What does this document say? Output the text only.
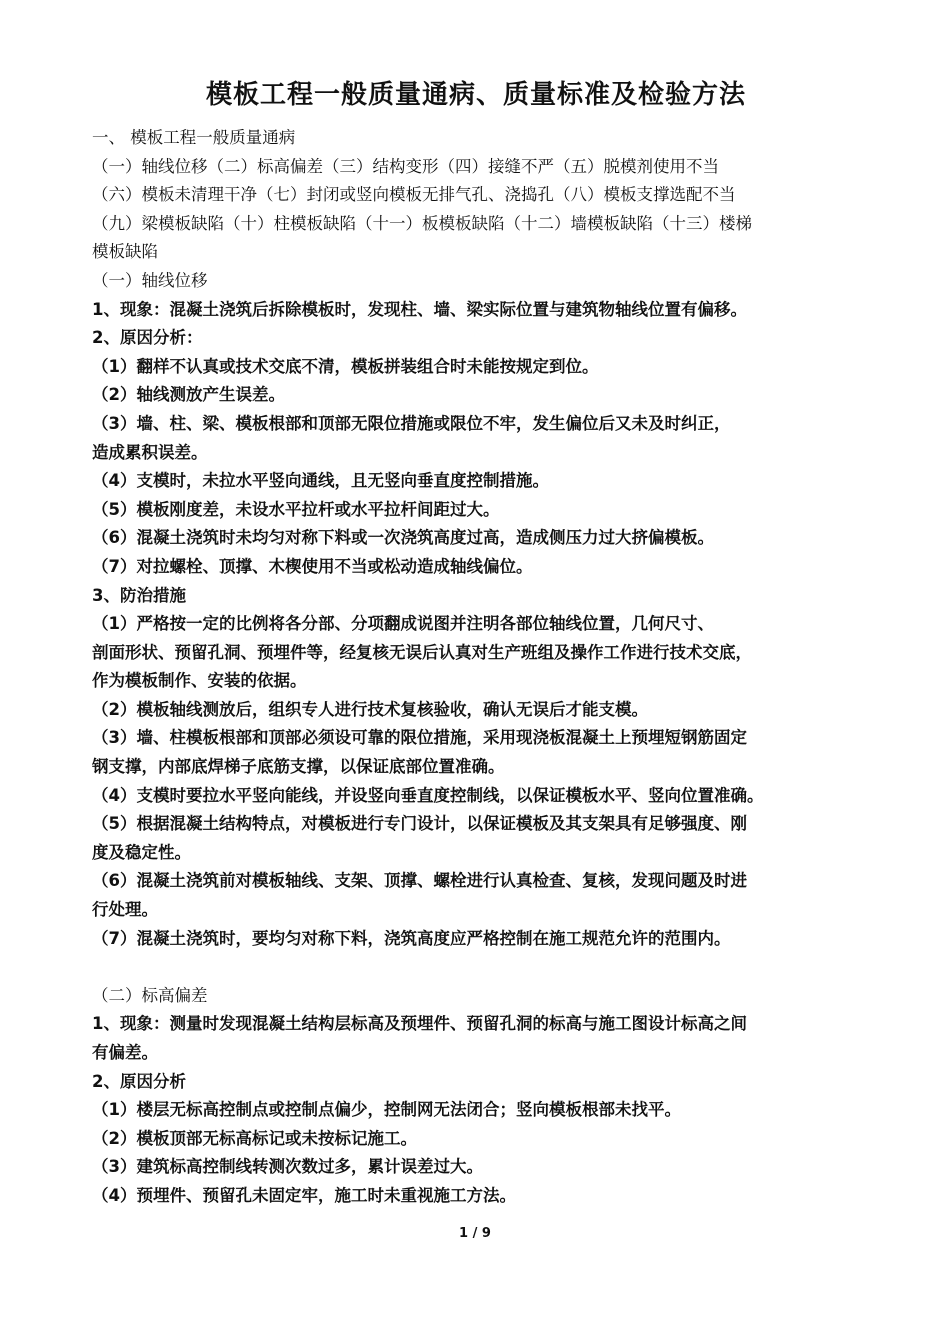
模板工程一般质量通病、质量标准及检验方法
一、 模板工程一般质量通病
（一）轴线位移（二）标高偏差（三）结构变形（四）接缝不严（五）脱模剂使用不当
（六）模板未清理干净（七）封闭或竖向模板无排气孔、浇捣孔（八）模板支撑选配不当
（九）梁模板缺陷（十）柱模板缺陷（十一）板模板缺陷（十二）墙模板缺陷（十三）楼梯
模板缺陷
（一）轴线位移
1、现象：混凝土浇筑后拆除模板时，发现柱、墙、梁实际位置与建筑物轴线位置有偏移。
2、原因分析：
（1）翻样不认真或技术交底不清，模板拼装组合时未能按规定到位。
（2）轴线测放产生误差。
（3）墙、柱、梁、模板根部和顶部无限位措施或限位不牢，发生偏位后又未及时纠正，
造成累积误差。
（4）支模时，未拉水平竖向通线，且无竖向垂直度控制措施。
（5）模板刚度差，未设水平拉杆或水平拉杆间距过大。
（6）混凝土浇筑时未均匀对称下料或一次浇筑高度过高，造成侧压力过大挤偏模板。
（7）对拉螺栓、顶撑、木楔使用不当或松动造成轴线偏位。
3、防治措施
（1）严格按一定的比例将各分部、分项翻成说图并注明各部位轴线位置，几何尺寸、
剖面形状、预留孔洞、预埋件等，经复核无误后认真对生产班组及操作工作进行技术交底，
作为模板制作、安装的依据。
（2）模板轴线测放后，组织专人进行技术复核验收，确认无误后才能支模。
（3）墙、柱模板根部和顶部必须设可靠的限位措施，采用现浇板混凝土上预埋短钢筋固定
钢支撑，内部底焊梯子底筋支撑，以保证底部位置准确。
（4）支模时要拉水平竖向能线，并设竖向垂直度控制线，以保证模板水平、竖向位置准确。
（5）根据混凝土结构特点，对模板进行专门设计，以保证模板及其支架具有足够强度、刚
度及稳定性。
（6）混凝土浇筑前对模板轴线、支架、顶撑、螺栓进行认真检查、复核，发现问题及时进
行处理。
（7）混凝土浇筑时，要均匀对称下料，浇筑高度应严格控制在施工规范允许的范围内。
（二）标高偏差
1、现象：测量时发现混凝土结构层标高及预埋件、预留孔洞的标高与施工图设计标高之间
有偏差。
2、原因分析
（1）楼层无标高控制点或控制点偏少，控制网无法闭合；竖向模板根部未找平。
（2）模板顶部无标高标记或未按标记施工。
（3）建筑标高控制线转测次数过多，累计误差过大。
（4）预埋件、预留孔未固定牢，施工时未重视施工方法。
1 / 9
